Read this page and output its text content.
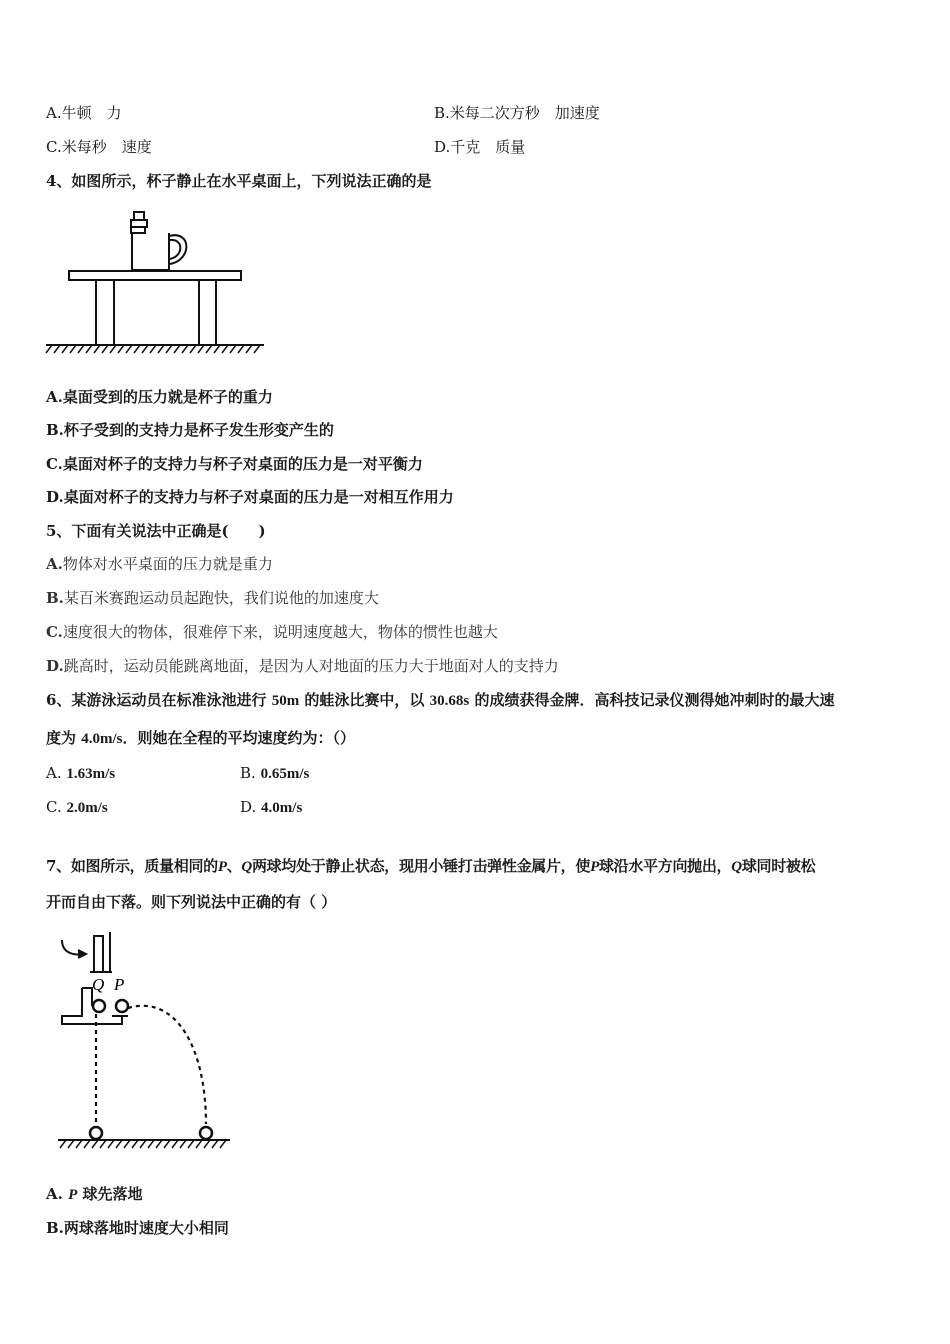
A.牛顿　力	B.米每二次方秒　加速度
C.米每秒　速度	D.千克　质量
4、如图所示，杯子静止在水平桌面上，下列说法正确的是
A.桌面受到的压力就是杯子的重力
B.杯子受到的支持力是杯子发生形变产生的
C.桌面对杯子的支持力与杯子对桌面的压力是一对平衡力
D.桌面对杯子的支持力与杯子对桌面的压力是一对相互作用力
5、下面有关说法中正确是(　　)
A.物体对水平桌面的压力就是重力
B.某百米赛跑运动员起跑快，我们说他的加速度大
C.速度很大的物体，很难停下来，说明速度越大，物体的惯性也越大
D.跳高时，运动员能跳离地面，是因为人对地面的压力大于地面对人的支持力
6、某游泳运动员在标准泳池进行 50m 的蛙泳比赛中，以 30.68s 的成绩获得金牌．高科技记录仪测得她冲刺时的最大速
度为 4.0m/s．则她在全程的平均速度约为：（）
A. 1.63m/s	B. 0.65m/s
C. 2.0m/s	D. 4.0m/s
7、如图所示，质量相同的P、Q两球均处于静止状态，现用小锤打击弹性金属片，使P球沿水平方向抛出，Q球同时被松
开而自由下落。则下列说法中正确的有（ ）
Q P
A. P 球先落地
B.两球落地时速度大小相同
